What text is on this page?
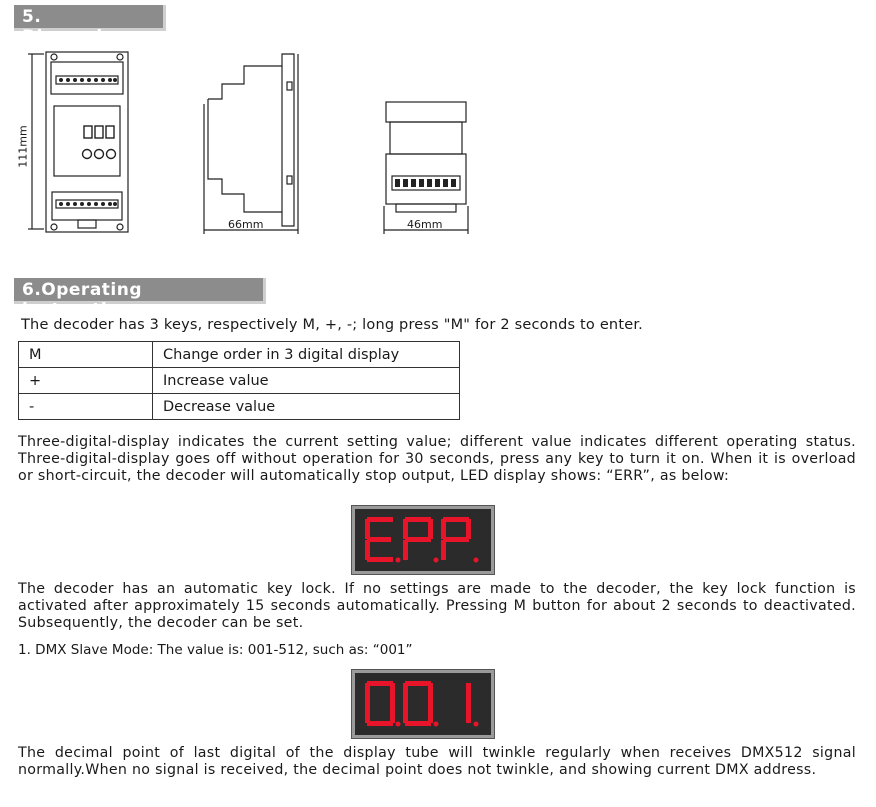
5. Dimensions
111mm
66mm	46mm
6.Operating instructions
The decoder has 3 keys, respectively M, +, -; long press "M" for 2 seconds to enter.
M	Change order in 3 digital display
+	Increase value
-	Decrease value
Three-digital-display indicates the current setting value; different value indicates different operating status. Three-digital-display goes off without operation for 30 seconds, press any key to turn it on. When it is overload or short-circuit, the decoder will automatically stop output, LED display shows: “ERR”, as below:
The decoder has an automatic key lock. If no settings are made to the decoder, the key lock function is activated after approximately 15 seconds automatically. Pressing M button for about 2 seconds to deactivated. Subsequently, the decoder can be set.
1. DMX Slave Mode: The value is: 001-512, such as: “001”
The decimal point of last digital of the display tube will twinkle regularly when receives DMX512 signal normally.When no signal is received, the decimal point does not twinkle, and showing current DMX address.
